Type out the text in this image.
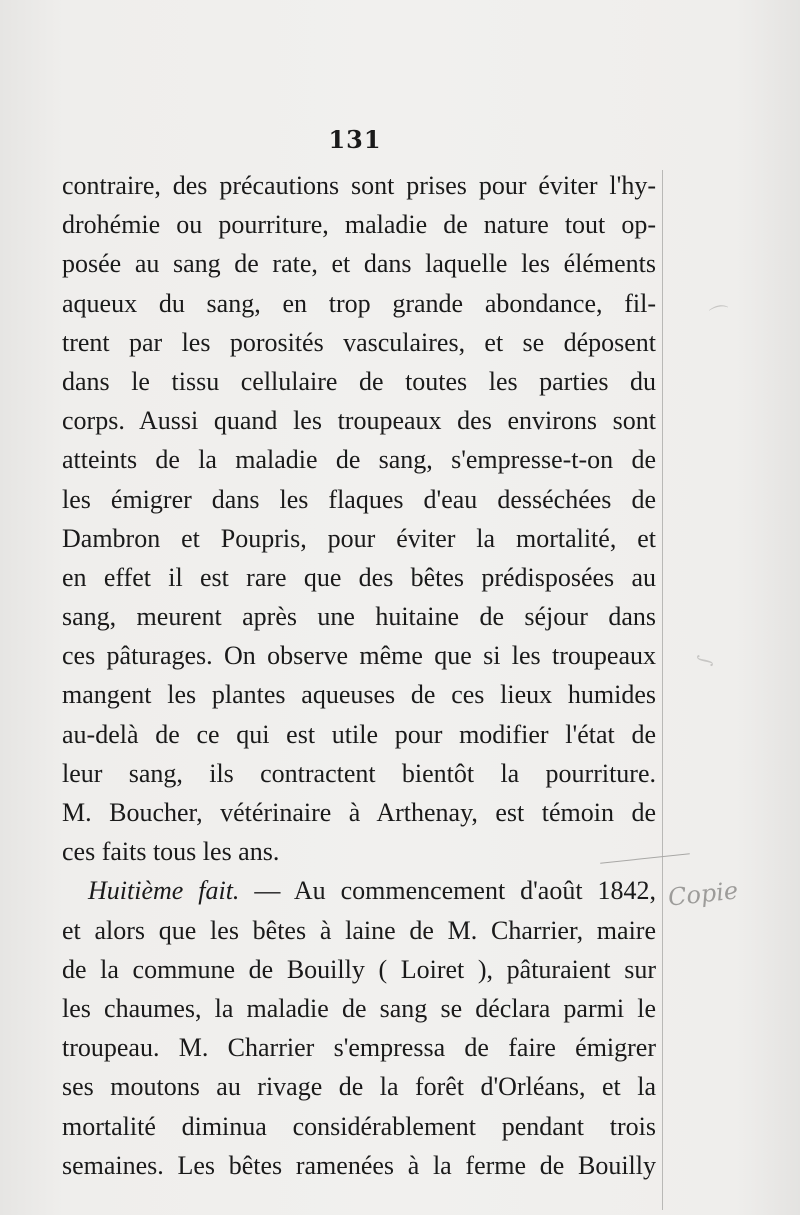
131
contraire, des précautions sont prises pour éviter l'hy-
drohémie ou pourriture, maladie de nature tout op-
posée au sang de rate, et dans laquelle les éléments
aqueux du sang, en trop grande abondance, fil-
trent par les porosités vasculaires, et se déposent
dans le tissu cellulaire de toutes les parties du
corps. Aussi quand les troupeaux des environs sont
atteints de la maladie de sang, s'empresse-t-on de
les émigrer dans les flaques d'eau desséchées de
Dambron et Poupris, pour éviter la mortalité, et
en effet il est rare que des bêtes prédisposées au
sang, meurent après une huitaine de séjour dans
ces pâturages. On observe même que si les troupeaux
mangent les plantes aqueuses de ces lieux humides
au-delà de ce qui est utile pour modifier l'état de
leur sang, ils contractent bientôt la pourriture.
M. Boucher, vétérinaire à Arthenay, est témoin de
ces faits tous les ans.
Huitième fait. — Au commencement d'août 1842,
et alors que les bêtes à laine de M. Charrier, maire
de la commune de Bouilly ( Loiret ), pâturaient sur
les chaumes, la maladie de sang se déclara parmi le
troupeau. M. Charrier s'empressa de faire émigrer
ses moutons au rivage de la forêt d'Orléans, et la
mortalité diminua considérablement pendant trois
semaines. Les bêtes ramenées à la ferme de Bouilly
Copie
⌒
∫
